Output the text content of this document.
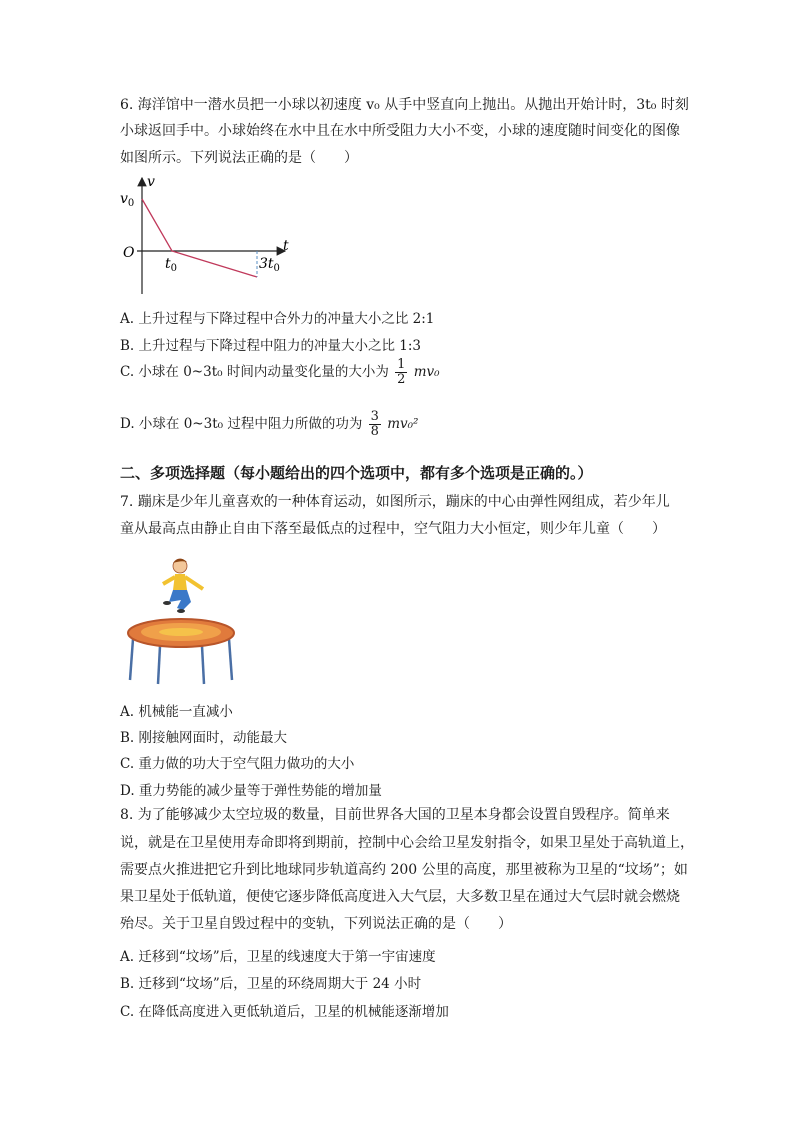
6. 海洋馆中一潜水员把一小球以初速度 v₀ 从手中竖直向上抛出。从抛出开始计时，3t₀ 时刻
小球返回手中。小球始终在水中且在水中所受阻力大小不变，小球的速度随时间变化的图像
如图所示。下列说法正确的是（　　）
$v_0$
v
O
$t_0$	$3t_0$
t
A. 上升过程与下降过程中合外力的冲量大小之比 2:1
B. 上升过程与下降过程中阻力的冲量大小之比 1:3
C. 小球在 0~3t₀ 时间内动量变化量的大小为 $\frac{1}{2} mv_0$
D. 小球在 0~3t₀ 过程中阻力所做的功为 $\frac{3}{8} mv_0^2$
二、多项选择题（每小题给出的四个选项中，都有多个选项是正确的。）
7. 蹦床是少年儿童喜欢的一种体育运动，如图所示，蹦床的中心由弹性网组成，若少年儿
童从最高点由静止自由下落至最低点的过程中，空气阻力大小恒定，则少年儿童（　　）
A. 机械能一直减小
B. 刚接触网面时，动能最大
C. 重力做的功大于空气阻力做功的大小
D. 重力势能的减少量等于弹性势能的增加量
8. 为了能够减少太空垃圾的数量，目前世界各大国的卫星本身都会设置自毁程序。简单来
说，就是在卫星使用寿命即将到期前，控制中心会给卫星发射指令，如果卫星处于高轨道上，
需要点火推进把它升到比地球同步轨道高约 200 公里的高度，那里被称为卫星的“坟场”；如
果卫星处于低轨道，便使它逐步降低高度进入大气层，大多数卫星在通过大气层时就会燃烧
殆尽。关于卫星自毁过程中的变轨，下列说法正确的是（　　）
A. 迁移到“坟场”后，卫星的线速度大于第一宇宙速度
B. 迁移到“坟场”后，卫星的环绕周期大于 24 小时
C. 在降低高度进入更低轨道后，卫星的机械能逐渐增加
